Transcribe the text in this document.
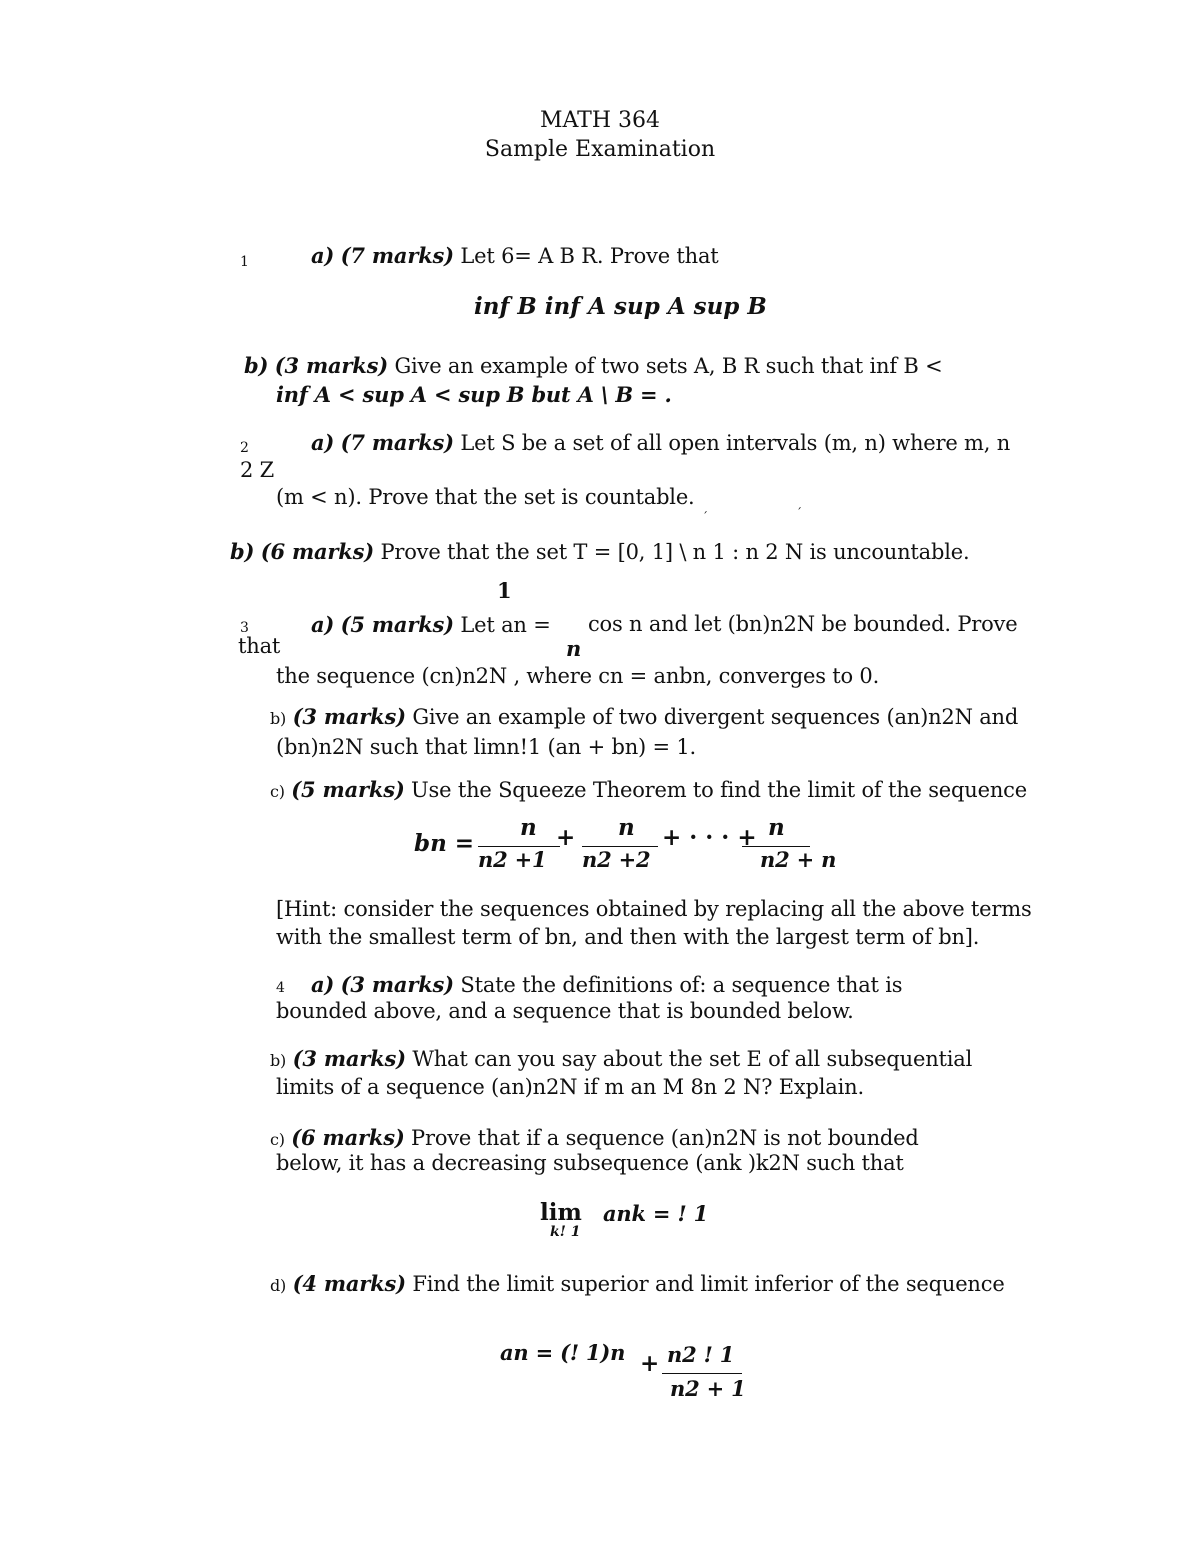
MATH 364
Sample Examination
1	a) (7 marks) Let 6= A B R. Prove that
inf B inf A sup A sup B
b) (3 marks) Give an example of two sets A, B R such that inf B <
inf A < sup A < sup B but A \ B = .
2	a) (7 marks) Let S be a set of all open intervals (m, n) where m, n
2 Z
(m < n). Prove that the set is countable.
´	´
b) (6 marks) Prove that the set T = [0, 1] \ n 1 : n 2 N is uncountable.
1
3
that
a) (5 marks) Let an = cos n and let (bn)n2N be bounded. Prove
n
the sequence (cn)n2N , where cn = anbn, converges to 0.
b) (3 marks) Give an example of two divergent sequences (an)n2N and
(bn)n2N such that limn!1 (an + bn) = 1.
c) (5 marks) Use the Squeeze Theorem to find the limit of the sequence
bn =
n
n2 +1
+ n
n2 +2
+ · · · + n
n2 + n
[Hint: consider the sequences obtained by replacing all the above terms
with the smallest term of bn, and then with the largest term of bn].
4 a) (3 marks) State the definitions of: a sequence that is
bounded above, and a sequence that is bounded below.
b) (3 marks) What can you say about the set E of all subsequential
limits of a sequence (an)n2N if m an M 8n 2 N? Explain.
c) (6 marks) Prove that if a sequence (an)n2N is not bounded
below, it has a decreasing subsequence (ank )k2N such that
lim
k! 1
ank = ! 1
d) (4 marks) Find the limit superior and limit inferior of the sequence
an = (! 1)n + n2 ! 1
n2 + 1
